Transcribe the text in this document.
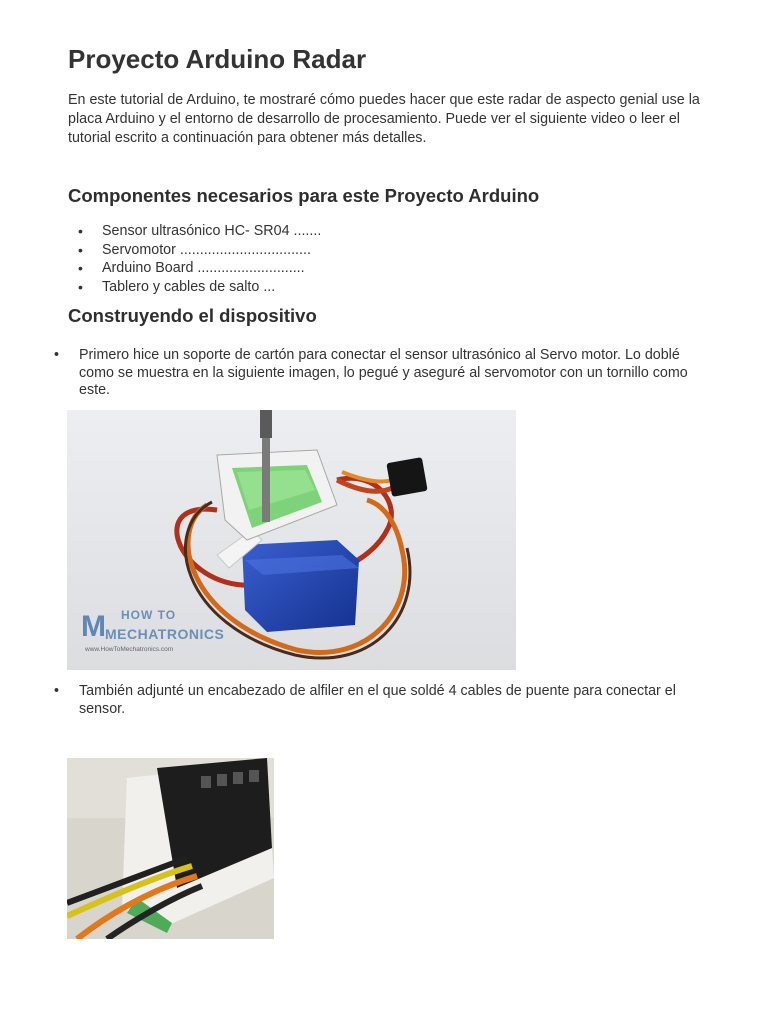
Proyecto Arduino Radar

En este tutorial de Arduino, te mostraré cómo puedes hacer que este radar de aspecto genial use la placa Arduino y el entorno de desarrollo de procesamiento. Puede ver el siguiente video o leer el tutorial escrito a continuación para obtener más detalles.

Componentes necesarios para este Proyecto Arduino
• Sensor ultrasónico HC- SR04 .......
• Servomotor .................................
• Arduino Board ...........................
• Tablero y cables de salto ...
Construyendo el dispositivo
• Primero hice un soporte de cartón para conectar el sensor ultrasónico al Servo motor. Lo doblé como se muestra en la siguiente imagen, lo pegué y aseguré al servomotor con un tornillo como este.
M HOW TO
MECHATRONICS
www.HowToMechatronics.com
• También adjunté un encabezado de alfiler en el que soldé 4 cables de puente para conectar el sensor.
